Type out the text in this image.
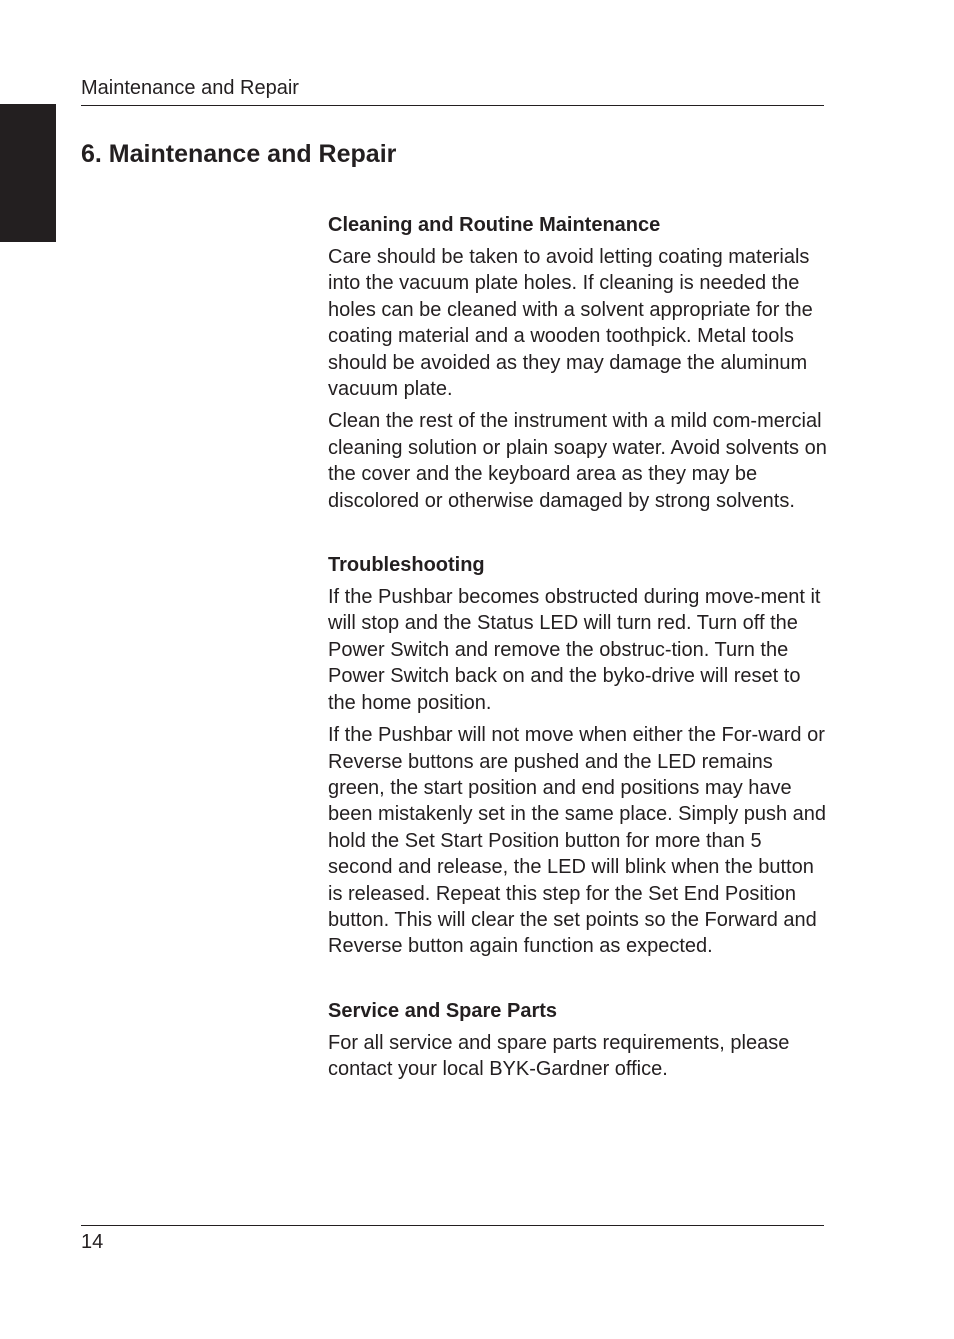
English
Maintenance and Repair
6. Maintenance and Repair
Cleaning and Routine Maintenance

Care should be taken to avoid letting coating materials into the vacuum plate holes. If cleaning is needed the holes can be cleaned with a solvent appropriate for the coating material and a wooden toothpick. Metal tools should be avoided as they may damage the aluminum vacuum plate.

Clean the rest of the instrument with a mild com-mercial cleaning solution or plain soapy water. Avoid solvents on the cover and the keyboard area as they may be discolored or otherwise damaged by strong solvents.

Troubleshooting

If the Pushbar becomes obstructed during move-ment it will stop and the Status LED will turn red. Turn off the Power Switch and remove the obstruc-tion. Turn the Power Switch back on and the byko-drive will reset to the home position.

If the Pushbar will not move when either the For-ward or Reverse buttons are pushed and the LED remains green, the start position and end positions may have been mistakenly set in the same place. Simply push and hold the Set Start Position button for more than 5 second and release, the LED will blink when the button is released. Repeat this step for the Set End Position button. This will clear the set points so the Forward and Reverse button again function as expected.

Service and Spare Parts

For all service and spare parts requirements, please contact your local BYK-Gardner office.

14
